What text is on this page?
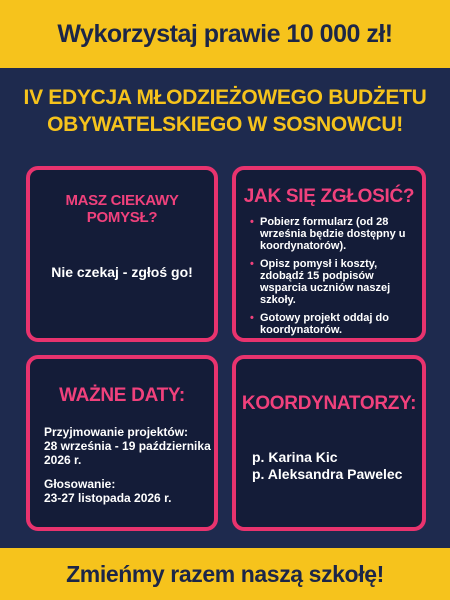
Wykorzystaj prawie 10 000 zł!
IV EDYCJA MŁODZIEŻOWEGO BUDŻETU
OBYWATELSKIEGO W SOSNOWCU!
MASZ CIEKAWY POMYSŁ?
Nie czekaj - zgłoś go!
JAK SIĘ ZGŁOSIĆ?
• Pobierz formularz (od 28 września będzie dostępny u koordynatorów).
• Opisz pomysł i koszty, zdobądź 15 podpisów wsparcia uczniów naszej szkoły.
• Gotowy projekt oddaj do koordynatorów.
WAŻNE DATY:
Przyjmowanie projektów:
28 września - 19 października
2026 r.
Głosowanie:
23-27 listopada 2026 r.
KOORDYNATORZY:
p. Karina Kic
p. Aleksandra Pawelec
Zmieńmy razem naszą szkołę!
